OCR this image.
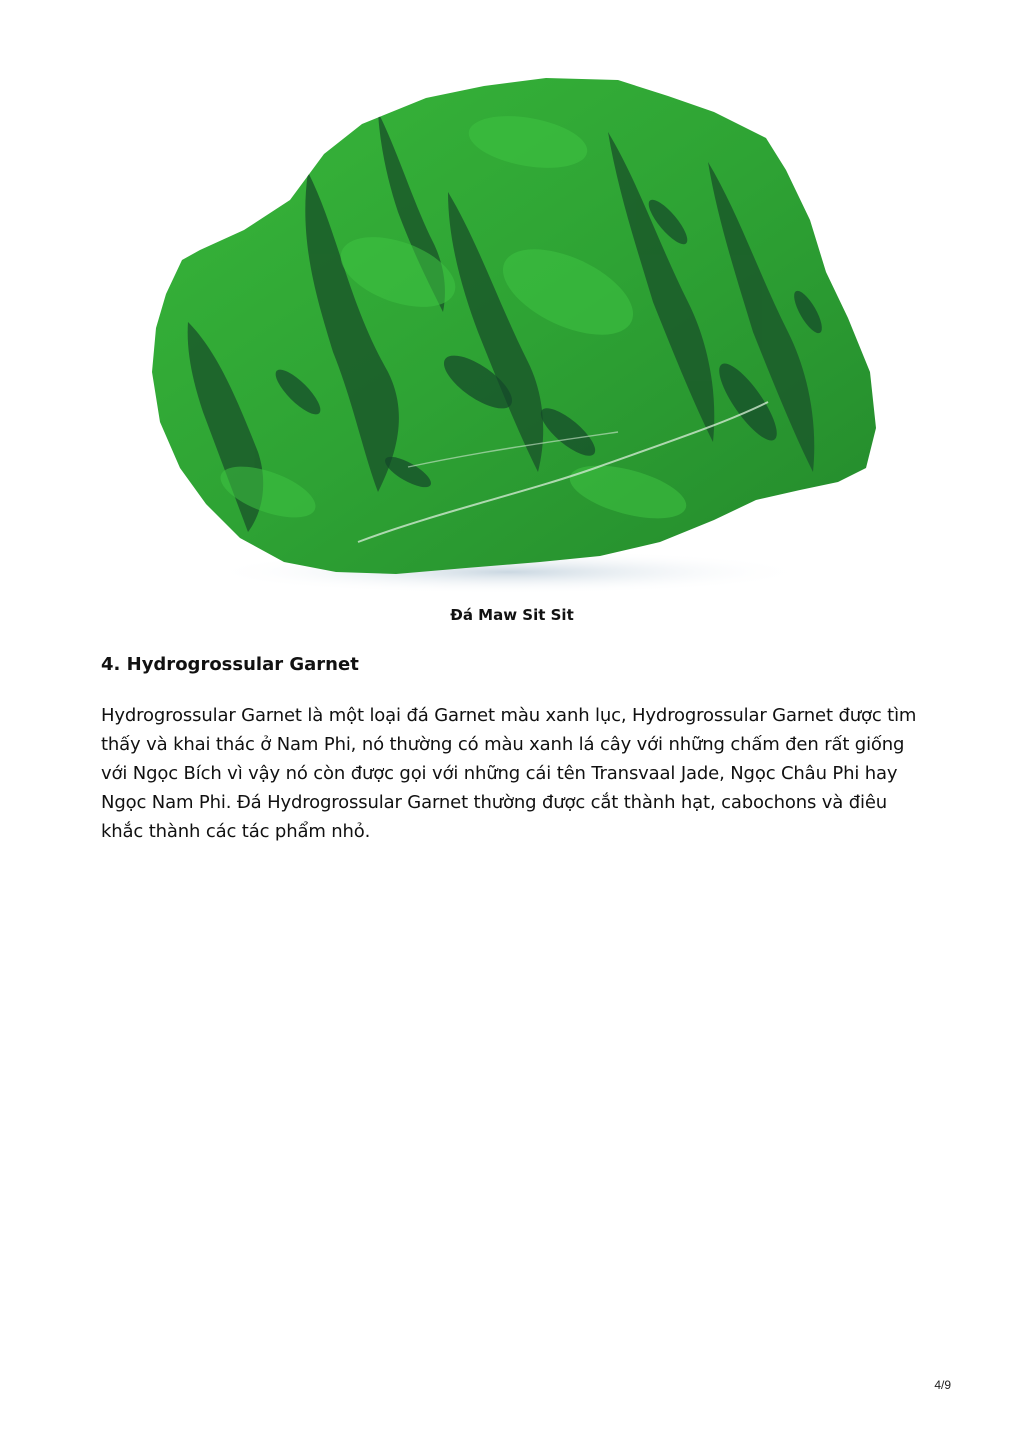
Đá Maw Sit Sit
4. Hydrogrossular Garnet

Hydrogrossular Garnet là một loại đá Garnet màu xanh lục, Hydrogrossular Garnet được tìm thấy và khai thác ở Nam Phi, nó thường có màu xanh lá cây với những chấm đen rất giống với Ngọc Bích vì vậy nó còn được gọi với những cái tên Transvaal Jade, Ngọc Châu Phi hay Ngọc Nam Phi. Đá Hydrogrossular Garnet thường được cắt thành hạt, cabochons và điêu khắc thành các tác phẩm nhỏ.

4/9
